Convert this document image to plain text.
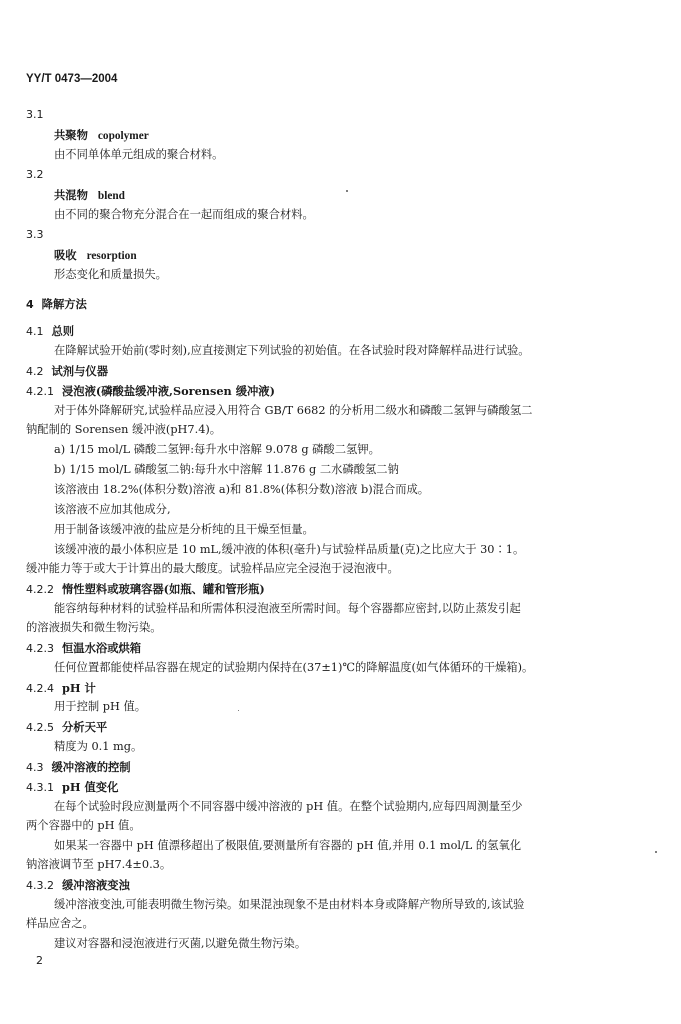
YY/T 0473—2004
3.1
共聚物 copolymer
由不同单体单元组成的聚合材料。
3.2
共混物 blend
由不同的聚合物充分混合在一起而组成的聚合材料。
3.3
吸收 resorption
形态变化和质量损失。
4 降解方法
4.1 总则
在降解试验开始前(零时刻),应直接测定下列试验的初始值。在各试验时段对降解样品进行试验。
4.2 试剂与仪器
4.2.1 浸泡液(磷酸盐缓冲液,Sorensen 缓冲液)
对于体外降解研究,试验样品应浸入用符合 GB/T 6682 的分析用二级水和磷酸二氢钾与磷酸氢二
钠配制的 Sorensen 缓冲液(pH7.4)。
a) 1/15 mol/L 磷酸二氢钾:每升水中溶解 9.078 g 磷酸二氢钾。
b) 1/15 mol/L 磷酸氢二钠:每升水中溶解 11.876 g 二水磷酸氢二钠
该溶液由 18.2%(体积分数)溶液 a)和 81.8%(体积分数)溶液 b)混合而成。
该溶液不应加其他成分,
用于制备该缓冲液的盐应是分析纯的且干燥至恒量。
该缓冲液的最小体积应是 10 mL,缓冲液的体积(毫升)与试验样品质量(克)之比应大于 30∶1。
缓冲能力等于或大于计算出的最大酸度。试验样品应完全浸泡于浸泡液中。
4.2.2 惰性塑料或玻璃容器(如瓶、罐和管形瓶)
能容纳每种材料的试验样品和所需体积浸泡液至所需时间。每个容器都应密封,以防止蒸发引起
的溶液损失和微生物污染。
4.2.3 恒温水浴或烘箱
任何位置都能使样品容器在规定的试验期内保持在(37±1)℃的降解温度(如气体循环的干燥箱)。
4.2.4 pH 计
用于控制 pH 值。
4.2.5 分析天平
精度为 0.1 mg。
4.3 缓冲溶液的控制
4.3.1 pH 值变化
在每个试验时段应测量两个不同容器中缓冲溶液的 pH 值。在整个试验期内,应每四周测量至少
两个容器中的 pH 值。
如果某一容器中 pH 值漂移超出了极限值,要测量所有容器的 pH 值,并用 0.1 mol/L 的氢氧化
钠溶液调节至 pH7.4±0.3。
4.3.2 缓冲溶液变浊
缓冲溶液变浊,可能表明微生物污染。如果混浊现象不是由材料本身或降解产物所导致的,该试验
样品应舍之。
建议对容器和浸泡液进行灭菌,以避免微生物污染。
2
